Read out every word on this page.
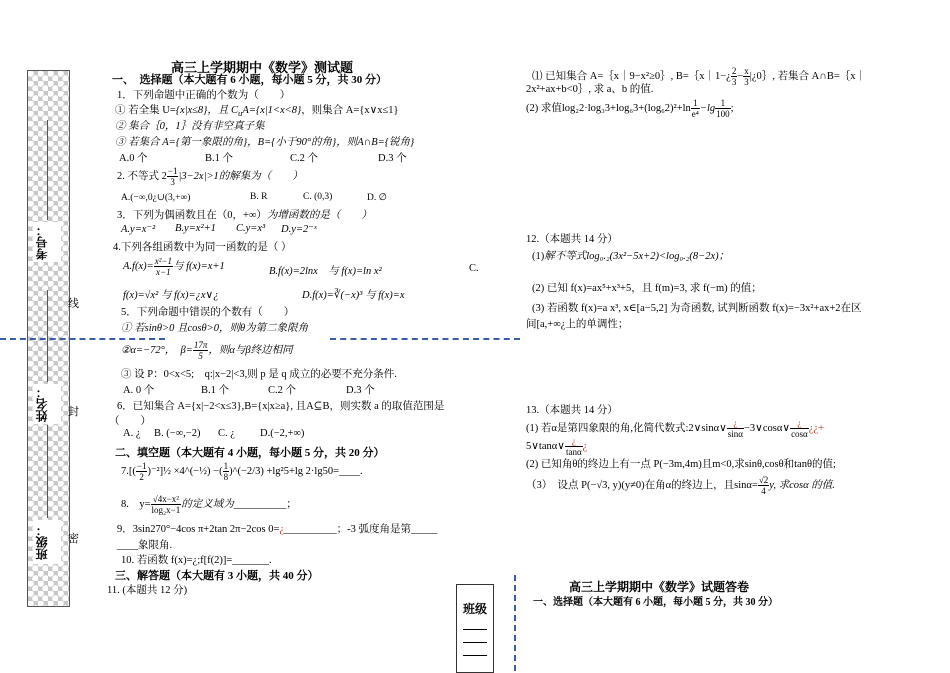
考号：
姓名：
班级：
线
封
密
高三上学期期中《数学》测试题
一、　选择题（本大题有 6 小题，每小题 5 分，共 30 分）
1．下列命题中正确的个数为（　　）
① 若全集 U={x|x≤8}，且 $C_uA=\{x|1<x<8\}$，则集合 A={x∨x≤1}
② 集合｛0，1｝没有非空真子集
③ 若集合 A={第一象限的角}，B={小于90°的角}，则A∩B={锐角}
A.0 个	B.1 个	C.2 个	D.3 个
2. 不等式 $2 \frac{-1}{3} |3-2x|>1$的解集为（　　）
A.(−∞,0¿∪(3,+∞)	B. R	C. (0,3)	D. ∅
3．下列为偶函数且在（0，+∞）为增函数的是（　　）
A.y=x⁻² B.y=x²+1 C.y=x³ D.y=2⁻ˣ
4.下列各组函数中为同一函数的是（ ）
$A.f(x)= \frac{\text{x²−1}}{x-1}$ 与 f(x)=x+1	B.f(x)=2lnx　与 f(x)=ln x²	C.
f(x)=√x² 与 f(x)=¿x∨¿	D.f(x)=∛(−x)³ 与 f(x)=x
5．下列命题中错误的个数有（　　）
① 若sinθ>0 且cosθ>0，则θ为第二象限角
②α=−72°，　$\beta= \frac{17\pi}{5}$ ，则α与β终边相同
③ 设 P：0<x<5;　q:|x−2|<3,则 p 是 q 成立的必要不充分条件.
A. 0 个	B.1 个	C.2 个	D.3 个
6．已知集合 A={x|−2<x≤3},B={x|x≥a}, 且A⊆B，则实数 a 的取值范围是
（　　）
A. ¿ B. (−∞,−2) C. ¿ D.(−2,+∞)
二、填空题（本大题有 4 小题，每小题 5 分，共 20 分）
$7.[( \frac{-1}{2}$ )⁻²]½ ×4^(−½) −( $\frac{1}{8}$ )^(−2/3) +lg²5+lg 2·lg50=____.
8.　$y= \frac{\text{√4x−x²}}{\text{log₂x−1}}$ 的定义域为__________；
9．3sin270°−4cos π+2tan 2π−2cos 0=¿__________；-3 弧度角是第_____
____象限角.
10. 若函数 f(x)=¿;f[f(2)]=_______.
三、解答题（本大题有 3 小题，共 40 分）
11. (本题共 12 分)
⑴ 已知集合 A=｛x｜9−x²≥0｝, B=｛x｜1−¿ $\frac{2}{3} - \frac{x}{3}$ |¿0｝, 若集合 A∩B=｛x｜
2x²+ax+b<0｝, 求 a、b 的值.
(2) 求值$\log_22\cdot\log_33+\log_63+(\log_62)^2+\ln \frac{1}{\text{e⁴}} -\lg \frac{1}{100}$ ;
12.（本题共 14 分）
(1)解不等式log₀.₂(3x²−5x+2)<log₀.₂(8−2x)；
(2) 已知 f(x)=ax⁵+x³+5，且 f(m)=3, 求 f(−m) 的值；
(3) 若函数 f(x)=a x³, x∈[a−5,2] 为奇函数, 试判断函数 f(x)=−3x²+ax+2在区
间[a,+∞¿上的单调性；
13.（本题共 14 分）
(1) 若α是第四象限的角,化简代数式:2∨sinα∨ $\frac{¿}{\sin\alpha}$ −3∨cosα∨ $\frac{¿}{\cos\alpha}$ ¿¿+
5∨tanα∨ $\frac{¿}{\tan\alpha}$ ¿
(2) 已知角θ的终边上有一点 P(−3m,4m)且m<0,求sinθ,cosθ和tanθ的值;
（3）　设点 P(−√3, y)(y≠0)在角α的终边上，且$\sin\alpha= \frac{√2}{4} y$, 求cosα 的值.
高三上学期期中《数学》试题答卷
一、选择题（本大题有 6 小题，每小题 5 分，共 30 分）
班级
